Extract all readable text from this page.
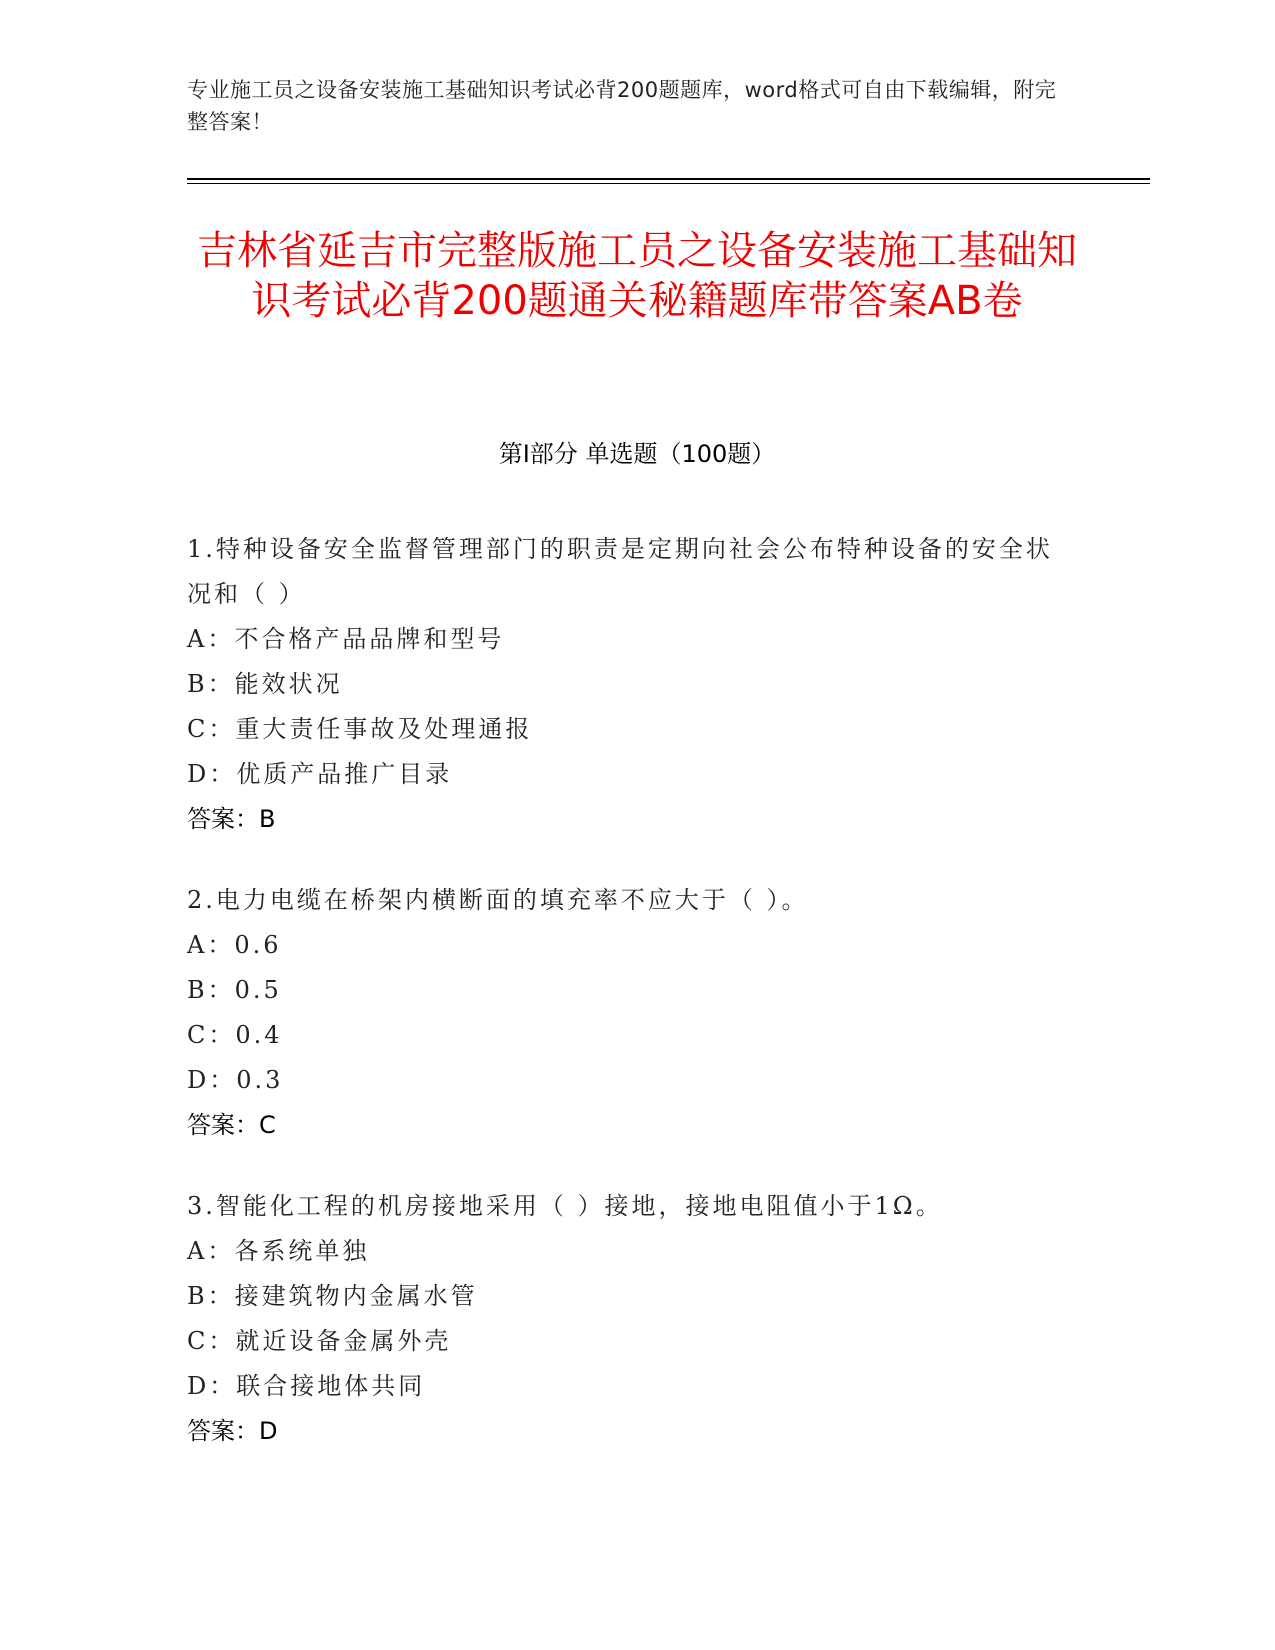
专业施工员之设备安装施工基础知识考试必背200题题库，word格式可自由下载编辑，附完整答案！
吉林省延吉市完整版施工员之设备安装施工基础知识考试必背200题通关秘籍题库带答案AB卷
第I部分 单选题（100题）

1.特种设备安全监督管理部门的职责是定期向社会公布特种设备的安全状况和（ ）

A：不合格产品品牌和型号

B：能效状况

C：重大责任事故及处理通报

D：优质产品推广目录

答案：B

2.电力电缆在桥架内横断面的填充率不应大于（ ）。

A：0.6

B：0.5

C：0.4

D：0.3

答案：C

3.智能化工程的机房接地采用（ ）接地，接地电阻值小于1Ω。

A：各系统单独

B：接建筑物内金属水管

C：就近设备金属外壳

D：联合接地体共同

答案：D
